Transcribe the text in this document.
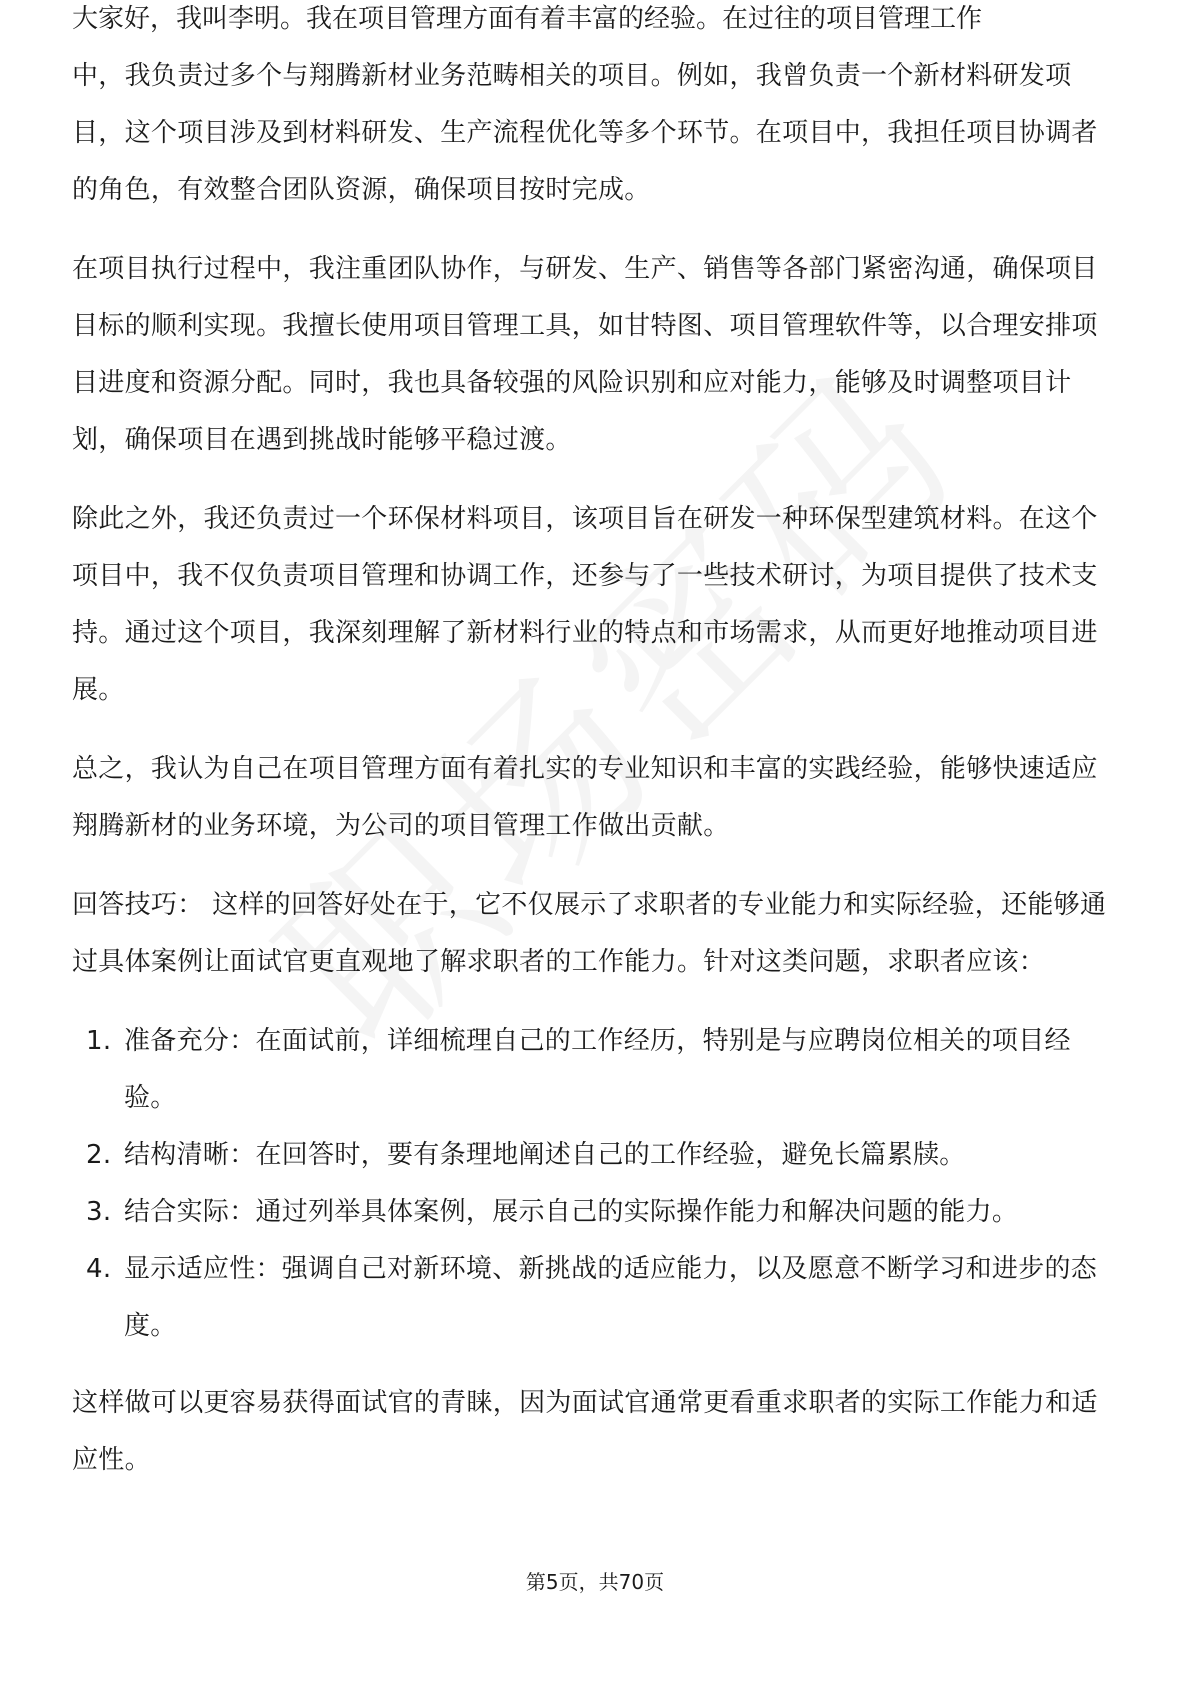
大家好，我叫李明。我在项目管理方面有着丰富的经验。在过往的项目管理工作

中，我负责过多个与翔腾新材业务范畴相关的项目。例如，我曾负责一个新材料研发项目，这个项目涉及到材料研发、生产流程优化等多个环节。在项目中，我担任项目协调者的角色，有效整合团队资源，确保项目按时完成。

在项目执行过程中，我注重团队协作，与研发、生产、销售等各部门紧密沟通，确保项目目标的顺利实现。我擅长使用项目管理工具，如甘特图、项目管理软件等，以合理安排项目进度和资源分配。同时，我也具备较强的风险识别和应对能力，能够及时调整项目计划，确保项目在遇到挑战时能够平稳过渡。

除此之外，我还负责过一个环保材料项目，该项目旨在研发一种环保型建筑材料。在这个项目中，我不仅负责项目管理和协调工作，还参与了一些技术研讨，为项目提供了技术支持。通过这个项目，我深刻理解了新材料行业的特点和市场需求，从而更好地推动项目进展。

总之，我认为自己在项目管理方面有着扎实的专业知识和丰富的实践经验，能够快速适应翔腾新材的业务环境，为公司的项目管理工作做出贡献。

回答技巧： 这样的回答好处在于，它不仅展示了求职者的专业能力和实际经验，还能够通过具体案例让面试官更直观地了解求职者的工作能力。针对这类问题，求职者应该：

1. 准备充分：在面试前，详细梳理自己的工作经历，特别是与应聘岗位相关的项目经验。
2. 结构清晰：在回答时，要有条理地阐述自己的工作经验，避免长篇累牍。
3. 结合实际：通过列举具体案例，展示自己的实际操作能力和解决问题的能力。
4. 显示适应性：强调自己对新环境、新挑战的适应能力，以及愿意不断学习和进步的态度。

这样做可以更容易获得面试官的青睐，因为面试官通常更看重求职者的实际工作能力和适应性。

第5页，共70页
